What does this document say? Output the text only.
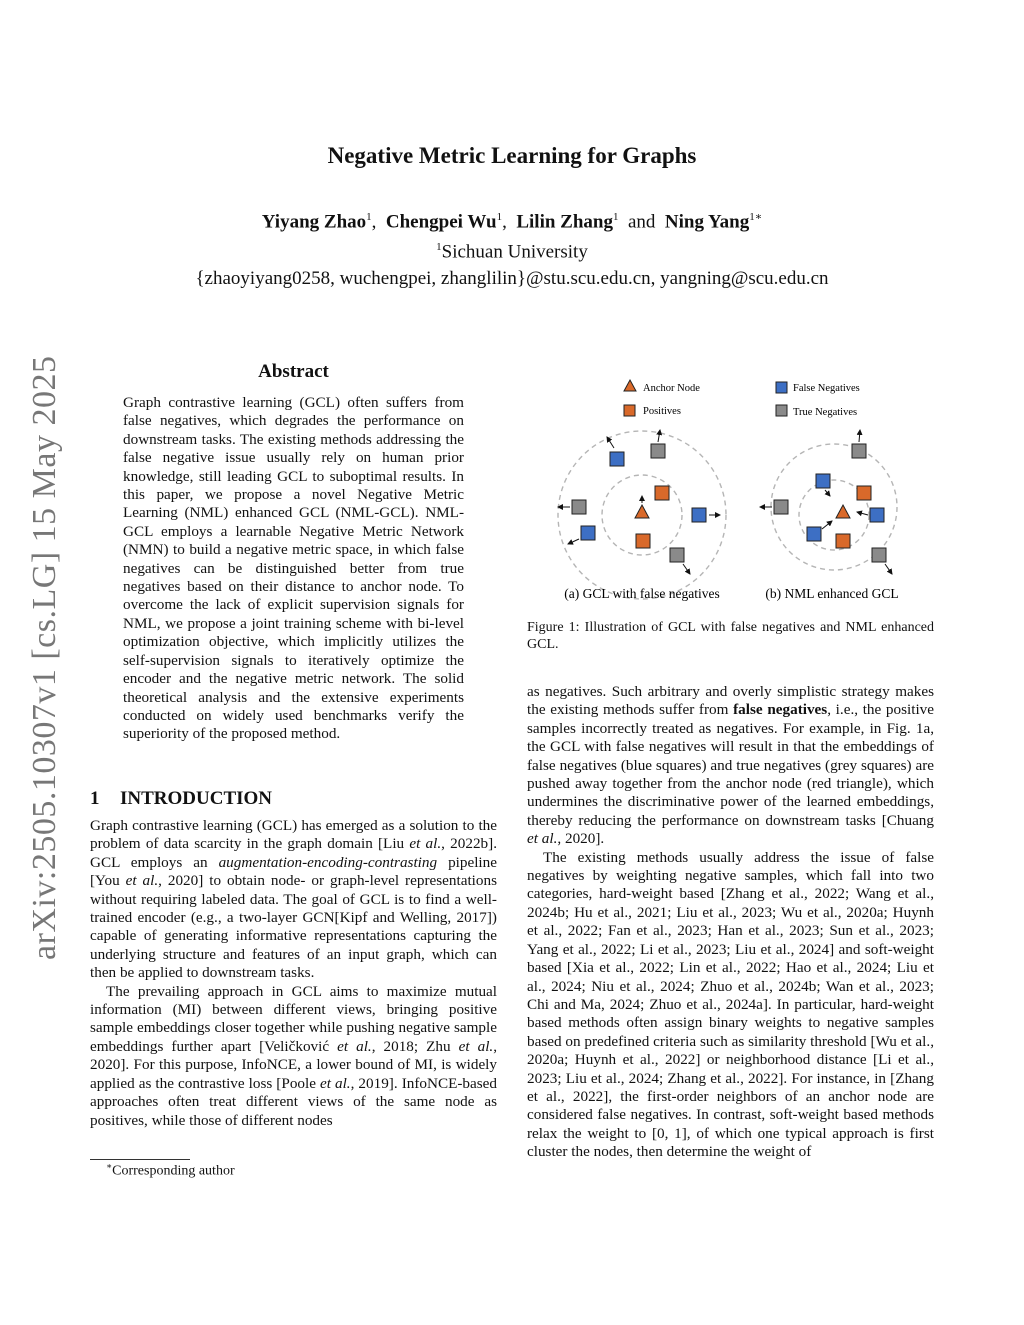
arXiv:2505.10307v1 [cs.LG] 15 May 2025
Negative Metric Learning for Graphs
Yiyang Zhao$^1$, Chengpei Wu$^1$, Lilin Zhang$^1$ and Ning Yang$^{1∗}$
$^1$Sichuan University
{zhaoyiyang0258, wuchengpei, zhanglilin}@stu.scu.edu.cn, yangning@scu.edu.cn
Abstract
Graph contrastive learning (GCL) often suffers from false negatives, which degrades the performance on downstream tasks. The existing methods addressing the false negative issue usually rely on human prior knowledge, still leading GCL to suboptimal results. In this paper, we propose a novel Negative Metric Learning (NML) enhanced GCL (NML-GCL). NML-GCL employs a learnable Negative Metric Network (NMN) to build a negative metric space, in which false negatives can be distinguished better from true negatives based on their distance to anchor node. To overcome the lack of explicit supervision signals for NML, we propose a joint training scheme with bi-level optimization objective, which implicitly utilizes the self-supervision signals to iteratively optimize the encoder and the negative metric network. The solid theoretical analysis and the extensive experiments conducted on widely used benchmarks verify the superiority of the proposed method.
1 INTRODUCTION

Graph contrastive learning (GCL) has emerged as a solution to the problem of data scarcity in the graph domain [Liu et al., 2022b]. GCL employs an augmentation-encoding-contrasting pipeline [You et al., 2020] to obtain node- or graph-level representations without requiring labeled data. The goal of GCL is to find a well-trained encoder (e.g., a two-layer GCN[Kipf and Welling, 2017]) capable of generating informative representations capturing the underlying structure and features of an input graph, which can then be applied to downstream tasks.

The prevailing approach in GCL aims to maximize mutual information (MI) between different views, bringing positive sample embeddings closer together while pushing negative sample embeddings further apart [Veličković et al., 2018; Zhu et al., 2020]. For this purpose, InfoNCE, a lower bound of MI, is widely applied as the contrastive loss [Poole et al., 2019]. InfoNCE-based approaches often treat different views of the same node as positives, while those of different nodes

∗Corresponding author
Anchor Node
Positives
False Negatives
True Negatives
(a) GCL with false negatives	(b) NML enhanced GCL
Figure 1: Illustration of GCL with false negatives and NML enhanced GCL.

as negatives. Such arbitrary and overly simplistic strategy makes the existing methods suffer from false negatives, i.e., the positive samples incorrectly treated as negatives. For example, in Fig. 1a, the GCL with false negatives will result in that the embeddings of false negatives (blue squares) and true negatives (grey squares) are pushed away together from the anchor node (red triangle), which undermines the discriminative power of the learned embeddings, thereby reducing the performance on downstream tasks [Chuang et al., 2020].

The existing methods usually address the issue of false negatives by weighting negative samples, which fall into two categories, hard-weight based [Zhang et al., 2022; Wang et al., 2024b; Hu et al., 2021; Liu et al., 2023; Wu et al., 2020a; Huynh et al., 2022; Fan et al., 2023; Han et al., 2023; Sun et al., 2023; Yang et al., 2022; Li et al., 2023; Liu et al., 2024] and soft-weight based [Xia et al., 2022; Lin et al., 2022; Hao et al., 2024; Liu et al., 2024; Niu et al., 2024; Zhuo et al., 2024b; Wan et al., 2023; Chi and Ma, 2024; Zhuo et al., 2024a]. In particular, hard-weight based methods often assign binary weights to negative samples based on predefined criteria such as similarity threshold [Wu et al., 2020a; Huynh et al., 2022] or neighborhood distance [Li et al., 2023; Liu et al., 2024; Zhang et al., 2022]. For instance, in [Zhang et al., 2022], the first-order neighbors of an anchor node are considered false negatives. In contrast, soft-weight based methods relax the weight to [0, 1], of which one typical approach is first cluster the nodes, then determine the weight of
